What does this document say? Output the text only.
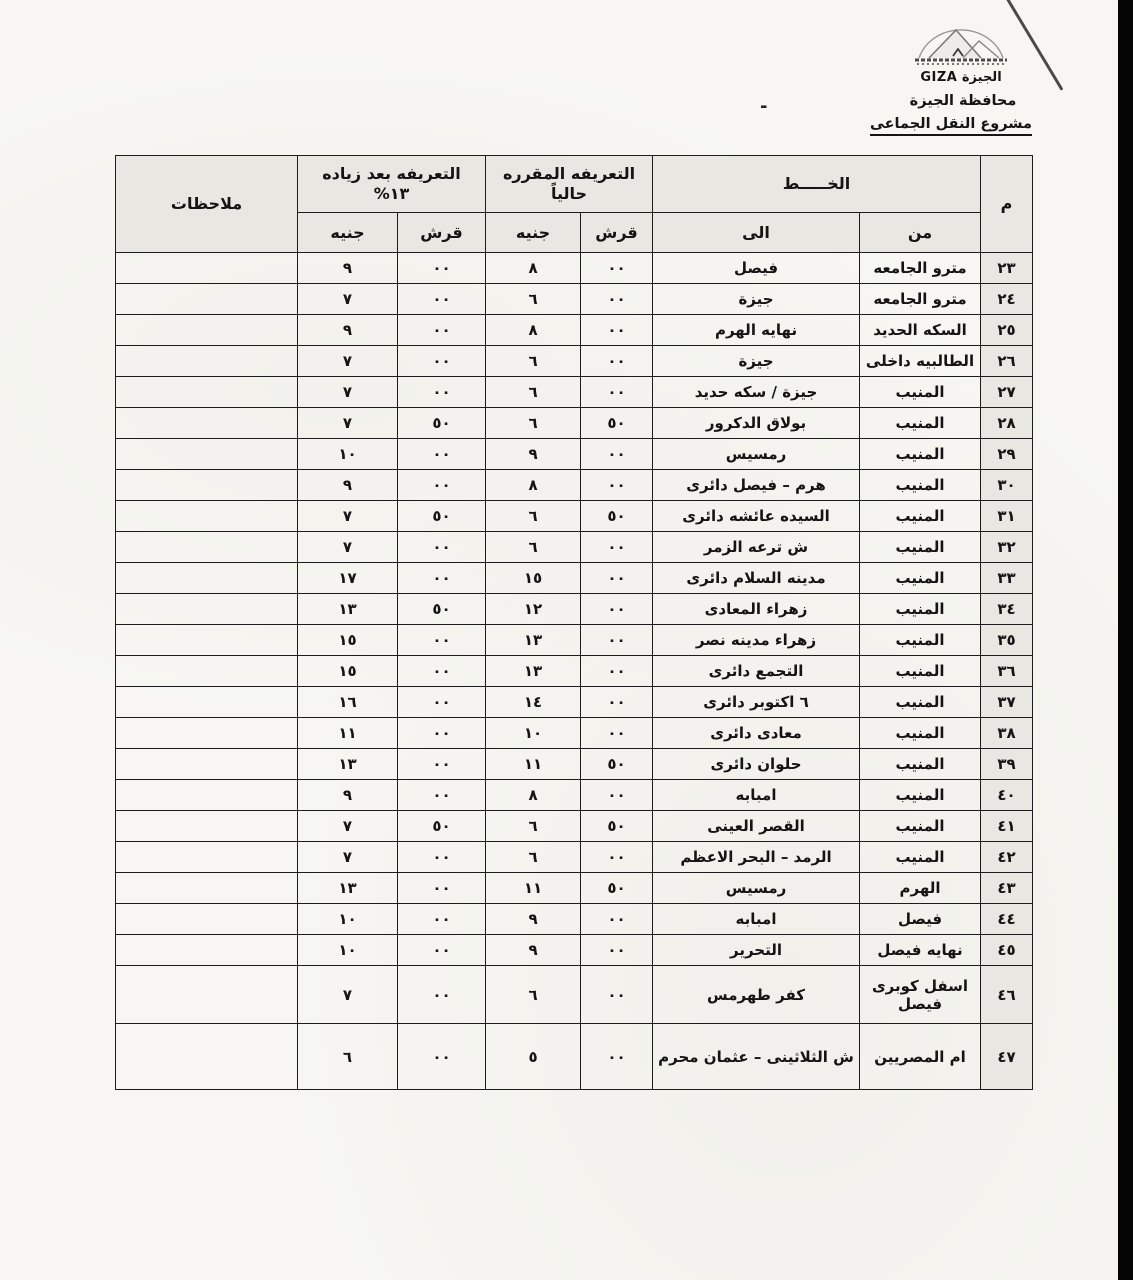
-
الجيزة GIZA
محافظة الجيزة
مشروع النقل الجماعى
م	الخـــــط		التعريفه المقرره حالياً		التعريفه بعد زياده ١٣%		ملاحظات
	من	الى	قرش	جنيه	قرش	جنيه	
٢٣	مترو الجامعه	فيصل	٠٠	٨	٠٠	٩	
٢٤	مترو الجامعه	جيزة	٠٠	٦	٠٠	٧	
٢٥	السكه الحديد	نهايه الهرم	٠٠	٨	٠٠	٩	
٢٦	الطالبيه داخلى	جيزة	٠٠	٦	٠٠	٧	
٢٧	المنيب	جيزة / سكه حديد	٠٠	٦	٠٠	٧	
٢٨	المنيب	بولاق الدكرور	٥٠	٦	٥٠	٧	
٢٩	المنيب	رمسيس	٠٠	٩	٠٠	١٠	
٣٠	المنيب	هرم – فيصل دائرى	٠٠	٨	٠٠	٩	
٣١	المنيب	السيده عائشه دائرى	٥٠	٦	٥٠	٧	
٣٢	المنيب	ش ترعه الزمر	٠٠	٦	٠٠	٧	
٣٣	المنيب	مدينه السلام دائرى	٠٠	١٥	٠٠	١٧	
٣٤	المنيب	زهراء المعادى	٠٠	١٢	٥٠	١٣	
٣٥	المنيب	زهراء مدينه نصر	٠٠	١٣	٠٠	١٥	
٣٦	المنيب	التجمع دائرى	٠٠	١٣	٠٠	١٥	
٣٧	المنيب	٦ اكتوبر دائرى	٠٠	١٤	٠٠	١٦	
٣٨	المنيب	معادى دائرى	٠٠	١٠	٠٠	١١	
٣٩	المنيب	حلوان دائرى	٥٠	١١	٠٠	١٣	
٤٠	المنيب	امبابه	٠٠	٨	٠٠	٩	
٤١	المنيب	القصر العينى	٥٠	٦	٥٠	٧	
٤٢	المنيب	الرمد – البحر الاعظم	٠٠	٦	٠٠	٧	
٤٣	الهرم	رمسيس	٥٠	١١	٠٠	١٣	
٤٤	فيصل	امبابه	٠٠	٩	٠٠	١٠	
٤٥	نهايه فيصل	التحرير	٠٠	٩	٠٠	١٠	
٤٦	اسفل كوبرى فيصل	كفر طهرمس	٠٠	٦	٠٠	٧	
٤٧	ام المصريين	ش الثلاثينى – عثمان محرم	٠٠	٥	٠٠	٦	
